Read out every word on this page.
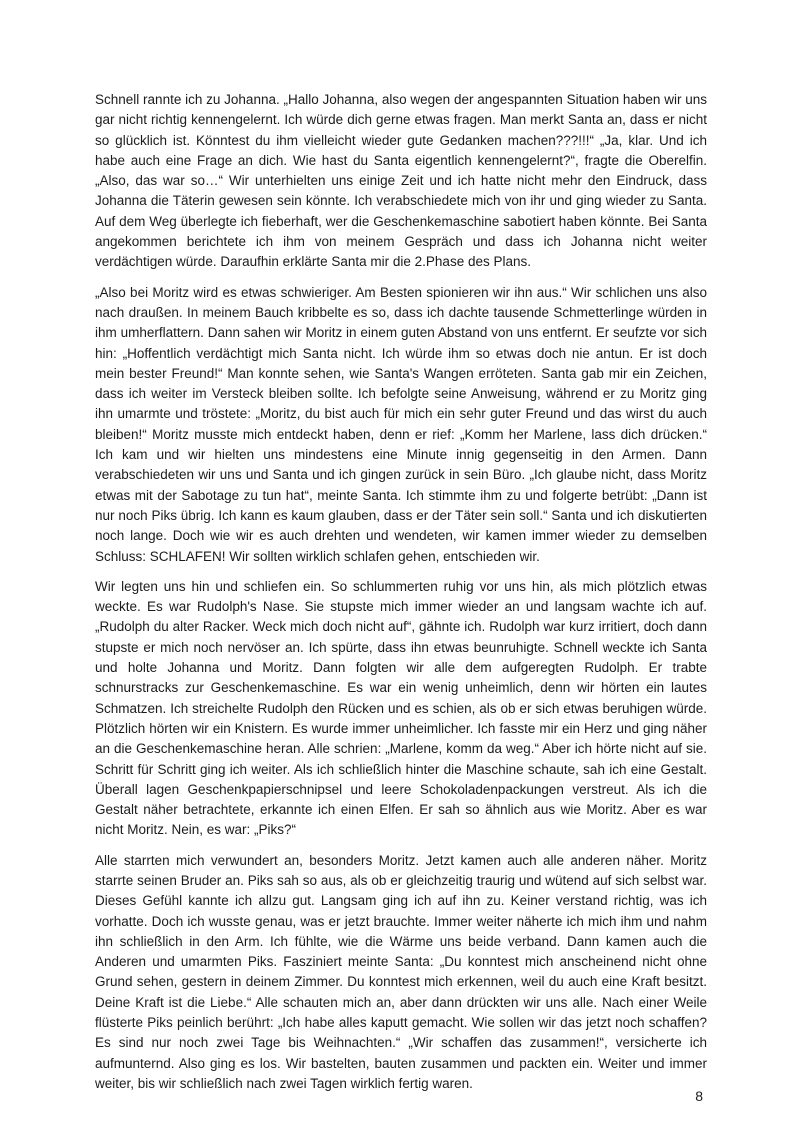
Schnell rannte ich zu Johanna. „Hallo Johanna, also wegen der angespannten Situation haben wir uns gar nicht richtig kennengelernt. Ich würde dich gerne etwas fragen. Man merkt Santa an, dass er nicht so glücklich ist. Könntest du ihm vielleicht wieder gute Gedanken machen???!!!“ „Ja, klar. Und ich habe auch eine Frage an dich. Wie hast du Santa eigentlich kennengelernt?“, fragte die Oberelfin. „Also, das war so…“ Wir unterhielten uns einige Zeit und ich hatte nicht mehr den Eindruck, dass Johanna die Täterin gewesen sein könnte. Ich verabschiedete mich von ihr und ging wieder zu Santa. Auf dem Weg überlegte ich fieberhaft, wer die Geschenkemaschine sabotiert haben könnte. Bei Santa angekommen berichtete ich ihm von meinem Gespräch und dass ich Johanna nicht weiter verdächtigen würde. Daraufhin erklärte Santa mir die 2.Phase des Plans.

„Also bei Moritz wird es etwas schwieriger. Am Besten spionieren wir ihn aus.“ Wir schlichen uns also nach draußen. In meinem Bauch kribbelte es so, dass ich dachte tausende Schmetterlinge würden in ihm umherflattern. Dann sahen wir Moritz in einem guten Abstand von uns entfernt. Er seufzte vor sich hin: „Hoffentlich verdächtigt mich Santa nicht. Ich würde ihm so etwas doch nie antun. Er ist doch mein bester Freund!“ Man konnte sehen, wie Santa's Wangen erröteten. Santa gab mir ein Zeichen, dass ich weiter im Versteck bleiben sollte. Ich befolgte seine Anweisung, während er zu Moritz ging ihn umarmte und tröstete: „Moritz, du bist auch für mich ein sehr guter Freund und das wirst du auch bleiben!“ Moritz musste mich entdeckt haben, denn er rief: „Komm her Marlene, lass dich drücken.“ Ich kam und wir hielten uns mindestens eine Minute innig gegenseitig in den Armen. Dann verabschiedeten wir uns und Santa und ich gingen zurück in sein Büro. „Ich glaube nicht, dass Moritz etwas mit der Sabotage zu tun hat“, meinte Santa. Ich stimmte ihm zu und folgerte betrübt: „Dann ist nur noch Piks übrig. Ich kann es kaum glauben, dass er der Täter sein soll.“ Santa und ich diskutierten noch lange. Doch wie wir es auch drehten und wendeten, wir kamen immer wieder zu demselben Schluss: SCHLAFEN! Wir sollten wirklich schlafen gehen, entschieden wir.

Wir legten uns hin und schliefen ein. So schlummerten ruhig vor uns hin, als mich plötzlich etwas weckte. Es war Rudolph's Nase. Sie stupste mich immer wieder an und langsam wachte ich auf. „Rudolph du alter Racker. Weck mich doch nicht auf“, gähnte ich. Rudolph war kurz irritiert, doch dann stupste er mich noch nervöser an. Ich spürte, dass ihn etwas beunruhigte. Schnell weckte ich Santa und holte Johanna und Moritz. Dann folgten wir alle dem aufgeregten Rudolph. Er trabte schnurstracks zur Geschenkemaschine. Es war ein wenig unheimlich, denn wir hörten ein lautes Schmatzen. Ich streichelte Rudolph den Rücken und es schien, als ob er sich etwas beruhigen würde. Plötzlich hörten wir ein Knistern. Es wurde immer unheimlicher. Ich fasste mir ein Herz und ging näher an die Geschenkemaschine heran. Alle schrien: „Marlene, komm da weg.“ Aber ich hörte nicht auf sie. Schritt für Schritt ging ich weiter. Als ich schließlich hinter die Maschine schaute, sah ich eine Gestalt. Überall lagen Geschenkpapierschnipsel und leere Schokoladenpackungen verstreut. Als ich die Gestalt näher betrachtete, erkannte ich einen Elfen. Er sah so ähnlich aus wie Moritz. Aber es war nicht Moritz. Nein, es war: „Piks?“

Alle starrten mich verwundert an, besonders Moritz. Jetzt kamen auch alle anderen näher. Moritz starrte seinen Bruder an. Piks sah so aus, als ob er gleichzeitig traurig und wütend auf sich selbst war. Dieses Gefühl kannte ich allzu gut. Langsam ging ich auf ihn zu. Keiner verstand richtig, was ich vorhatte. Doch ich wusste genau, was er jetzt brauchte. Immer weiter näherte ich mich ihm und nahm ihn schließlich in den Arm. Ich fühlte, wie die Wärme uns beide verband. Dann kamen auch die Anderen und umarmten Piks. Fasziniert meinte Santa: „Du konntest mich anscheinend nicht ohne Grund sehen, gestern in deinem Zimmer. Du konntest mich erkennen, weil du auch eine Kraft besitzt. Deine Kraft ist die Liebe.“ Alle schauten mich an, aber dann drückten wir uns alle. Nach einer Weile flüsterte Piks peinlich berührt: „Ich habe alles kaputt gemacht. Wie sollen wir das jetzt noch schaffen? Es sind nur noch zwei Tage bis Weihnachten.“ „Wir schaffen das zusammen!“, versicherte ich aufmunternd. Also ging es los. Wir bastelten, bauten zusammen und packten ein. Weiter und immer weiter, bis wir schließlich nach zwei Tagen wirklich fertig waren.

8
